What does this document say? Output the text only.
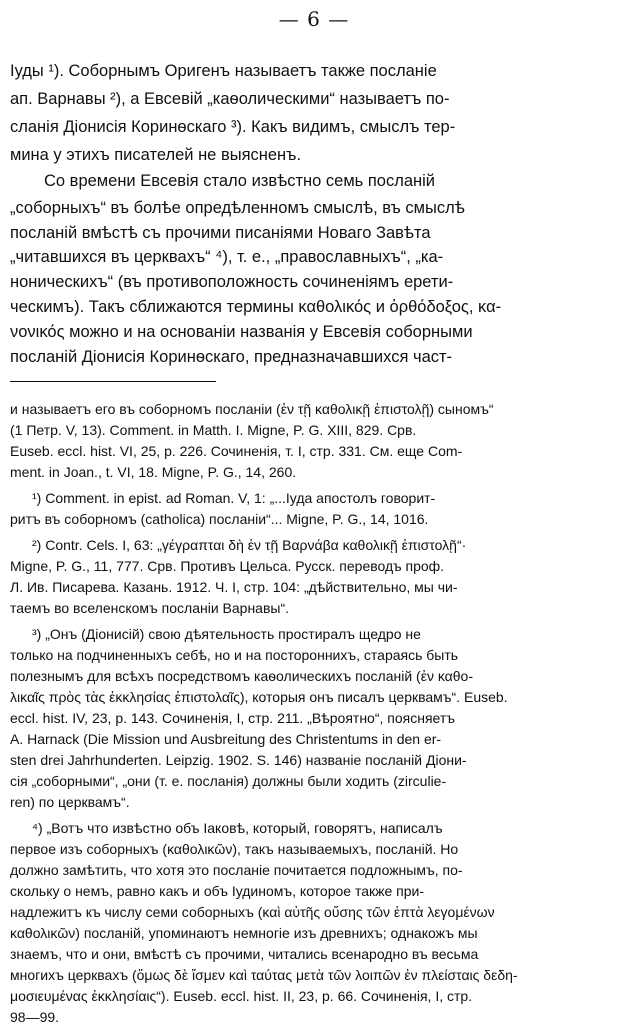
— 6 —

Iуды ¹). Соборнымъ Оригенъ называетъ также посланіе

ап. Варнавы ²), а Евсевій „каѳолическими“ называетъ по-

сланія Діонисія Коринѳскаго ³). Какъ видимъ, смыслъ тер-

мина у этихъ писателей не выясненъ.

Со времени Евсевія стало извѣстно семь посланій

„соборныхъ“ въ болѣе опредѣленномъ смыслѣ, въ смыслѣ

посланій вмѣстѣ съ прочими писаніями Новаго Завѣта

„читавшихся въ церквахъ“ ⁴), т. е., „православныхъ“, „ка-

ноническихъ“ (въ противоположность сочиненіямъ ерети-

ческимъ). Такъ сближаются термины καθολικός и ὀρθόδοξος, κα-

νονικός можно и на основаніи названія у Евсевія соборными

посланій Діонисія Коринѳскаго, предназначавшихся част-

и называетъ его въ соборномъ посланіи (ἐν τῇ καθολικῇ ἐπιστολῇ) сыномъ“

(1 Петр. V, 13). Comment. in Matth. I. Migne, P. G. XIII, 829. Срв.

Euseb. eccl. hist. VI, 25, p. 226. Сочиненія, т. I, стр. 331. См. еще Com-

ment. in Joan., t. VI, 18. Migne, P. G., 14, 260.

¹) Comment. in epist. ad Roman. V, 1: „...Iуда апостолъ говорит-

ритъ въ соборномъ (catholica) посланіи“... Migne, P. G., 14, 1016.

²) Contr. Cels. I, 63: „γέγραπται δὴ ἐν τῇ Βαρνάβα καθολικῇ ἐπιστολῇ“·

Migne, P. G., 11, 777. Срв. Противъ Цельса. Русск. переводъ проф.

Л. Ив. Писарева. Казань. 1912. Ч. I, стр. 104: „дѣйствительно, мы чи-

таемъ во вселенскомъ посланіи Варнавы“.

³) „Онъ (Діонисій) свою дѣятельность простиралъ щедро не

только на подчиненныхъ себѣ, но и на постороннихъ, стараясь быть

полезнымъ для всѣхъ посредствомъ каѳолическихъ посланій (ἐν καθο-

λικαῖς πρὸς τὰς ἐκκλησίας ἐπιστολαῖς), которыя онъ писалъ церквамъ“. Euseb.

eccl. hist. IV, 23, p. 143. Сочиненія, I, стр. 211. „Вѣроятно“, поясняетъ

A. Harnack (Die Mission und Ausbreitung des Christentums in den er-

sten drei Jahrhunderten. Leipzig. 1902. S. 146) названіе посланій Діони-

сія „соборными“, „они (т. е. посланія) должны были ходить (zirculie-

ren) по церквамъ“.

⁴) „Вотъ что извѣстно объ Iаковѣ, который, говорятъ, написалъ

первое изъ соборныхъ (καθολικῶν), такъ называемыхъ, посланій. Но

должно замѣтить, что хотя это посланіе почитается подложнымъ, по-

скольку о немъ, равно какъ и объ Iудиномъ, которое также при-

надлежитъ къ числу семи соборныхъ (καὶ αὐτῆς οὔσης τῶν ἑπτὰ λεγομένων

καθολικῶν) посланій, упоминаютъ немногіе изъ древнихъ; однакожъ мы

знаемъ, что и они, вмѣстѣ съ прочими, читались всенародно въ весьма

многихъ церквахъ (ὅμως δὲ ἴσμεν καὶ ταύτας μετὰ τῶν λοιπῶν ἐν πλείσταις δεδη-

μοσιευμένας ἐκκλησίαις“). Euseb. eccl. hist. II, 23, p. 66. Сочиненія, I, стр.

98—99.
